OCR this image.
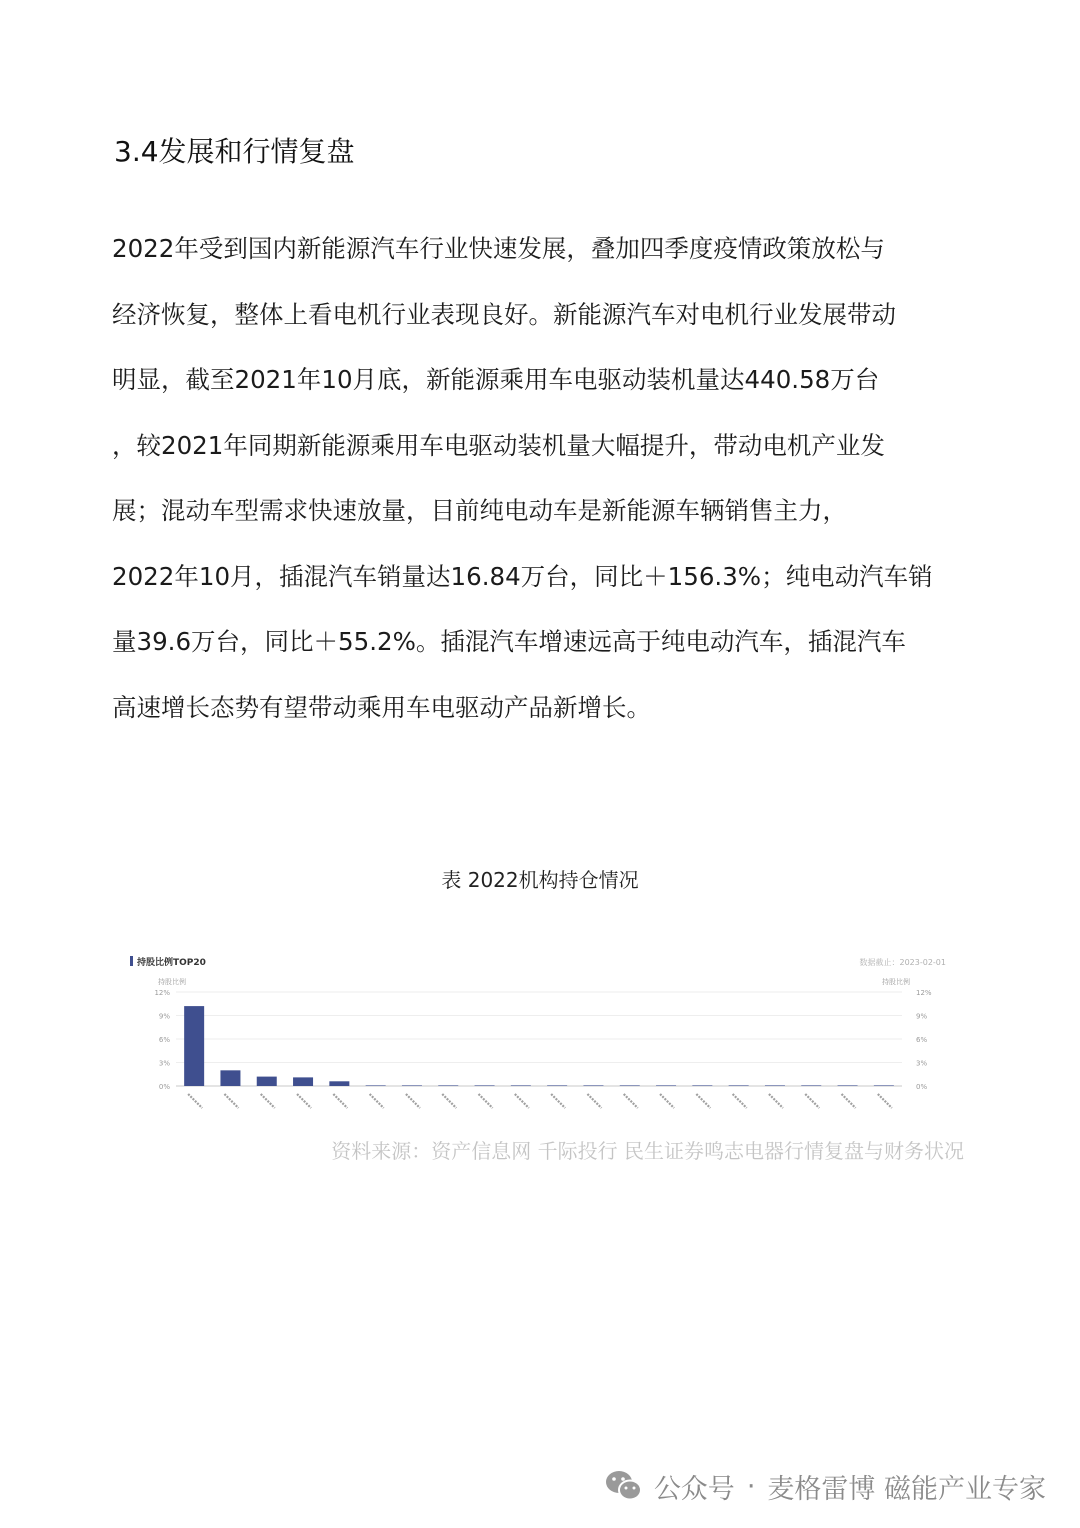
3.4发展和行情复盘

2022年受到国内新能源汽车行业快速发展，叠加四季度疫情政策放松与

经济恢复，整体上看电机行业表现良好。新能源汽车对电机行业发展带动

明显，截至2021年10月底，新能源乘用车电驱动装机量达440.58万台

，较2021年同期新能源乘用车电驱动装机量大幅提升，带动电机产业发

展；混动车型需求快速放量，目前纯电动车是新能源车辆销售主力，

2022年10月，插混汽车销量达16.84万台，同比＋156.3%；纯电动汽车销

量39.6万台，同比＋55.2%。插混汽车增速远高于纯电动汽车，插混汽车

高速增长态势有望带动乘用车电驱动产品新增长。

表 2022机构持仓情况
持股比例TOP20	数据截止：2023-02-01
持股比例	持股比例
12%	12%
9%	9%
6%	6%
3%	3%
0%	0%
资料来源：资产信息网 千际投行 民生证券鸣志电器行情复盘与财务状况
公众号 · 麦格雷博 磁能产业专家
